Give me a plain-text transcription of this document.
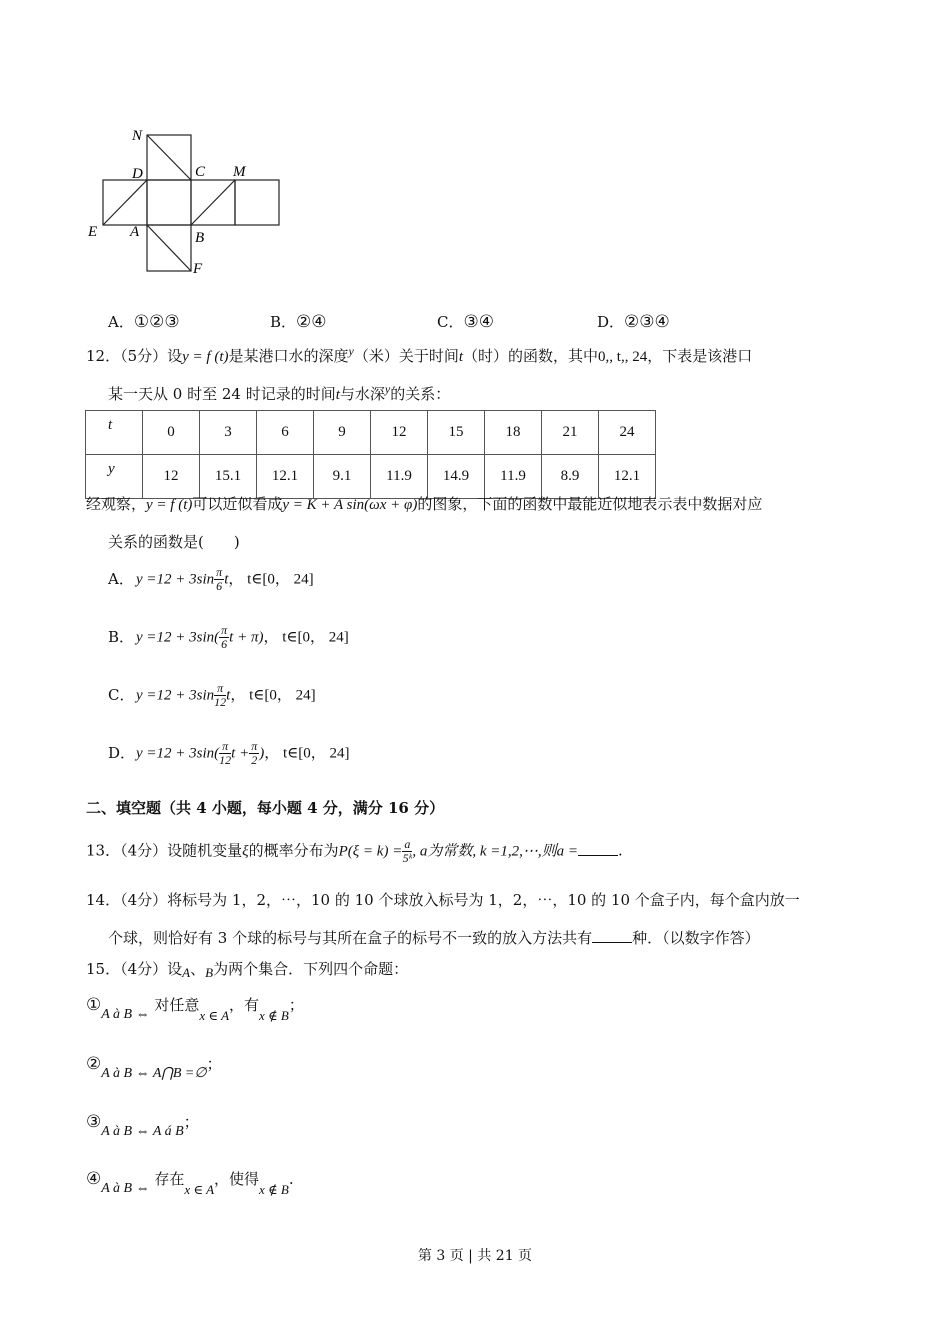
N
C M
D
E A	B
F
A．①②③	B．②④	C．③④	D．②③④
12．（5分）设y = f (t)是某港口水的深度$^y$（米）关于时间t（时）的函数，其中0,, t,, 24，下表是该港口
某一天从 0 时至 24 时记录的时间t与水深$^y$的关系：
t	0	3	6	9	12	15	18	21	24
y	12	15.1	12.1	9.1	11.9	14.9	11.9	8.9	12.1
经观察，y = f (t)可以近似看成y = K + A sin(ωx + φ)的图象，下面的函数中最能近似地表示表中数据对应
关系的函数是(　　)
A． $y =12 + 3\sin \frac{\pi}{6}$ t， t∈[0， 24]
B． $y =12 + 3\sin( \frac{\pi}{6}$ t + π)， t∈[0， 24]
C． $y =12 + 3\sin \frac{\pi}{12}$ t， t∈[0， 24]
D．$y =12 + 3\sin( \frac{\pi}{12}$ $t + \frac{\pi}{2}$ )， t∈[0， 24]
二、填空题（共 4 小题，每小题 4 分，满分 16 分）
13．（4分）设随机变量ξ的概率分布为$P(\xi = k) = \frac{a}{\text{5ᵏ}}$ , a为常数, k =1,2,⋯,则a =	.
14．（4分）将标号为 1，2，⋯，10 的 10 个球放入标号为 1，2，⋯，10 的 10 个盒子内，每个盒内放一
个球，则恰好有 3 个球的标号与其所在盒子的标号不一致的放入方法共有	种．（以数字作答）
15．（4分）设A、B为两个集合．下列四个命题：
①A à B ⇔ 对任意x ∈ A，有x ∉ B；
②A à B ⇔ A⋂B =∅；
③A à B ⇔ A á B；
④A à B ⇔ 存在x ∈ A，使得x ∉ B.
第 3 页 | 共 21 页
